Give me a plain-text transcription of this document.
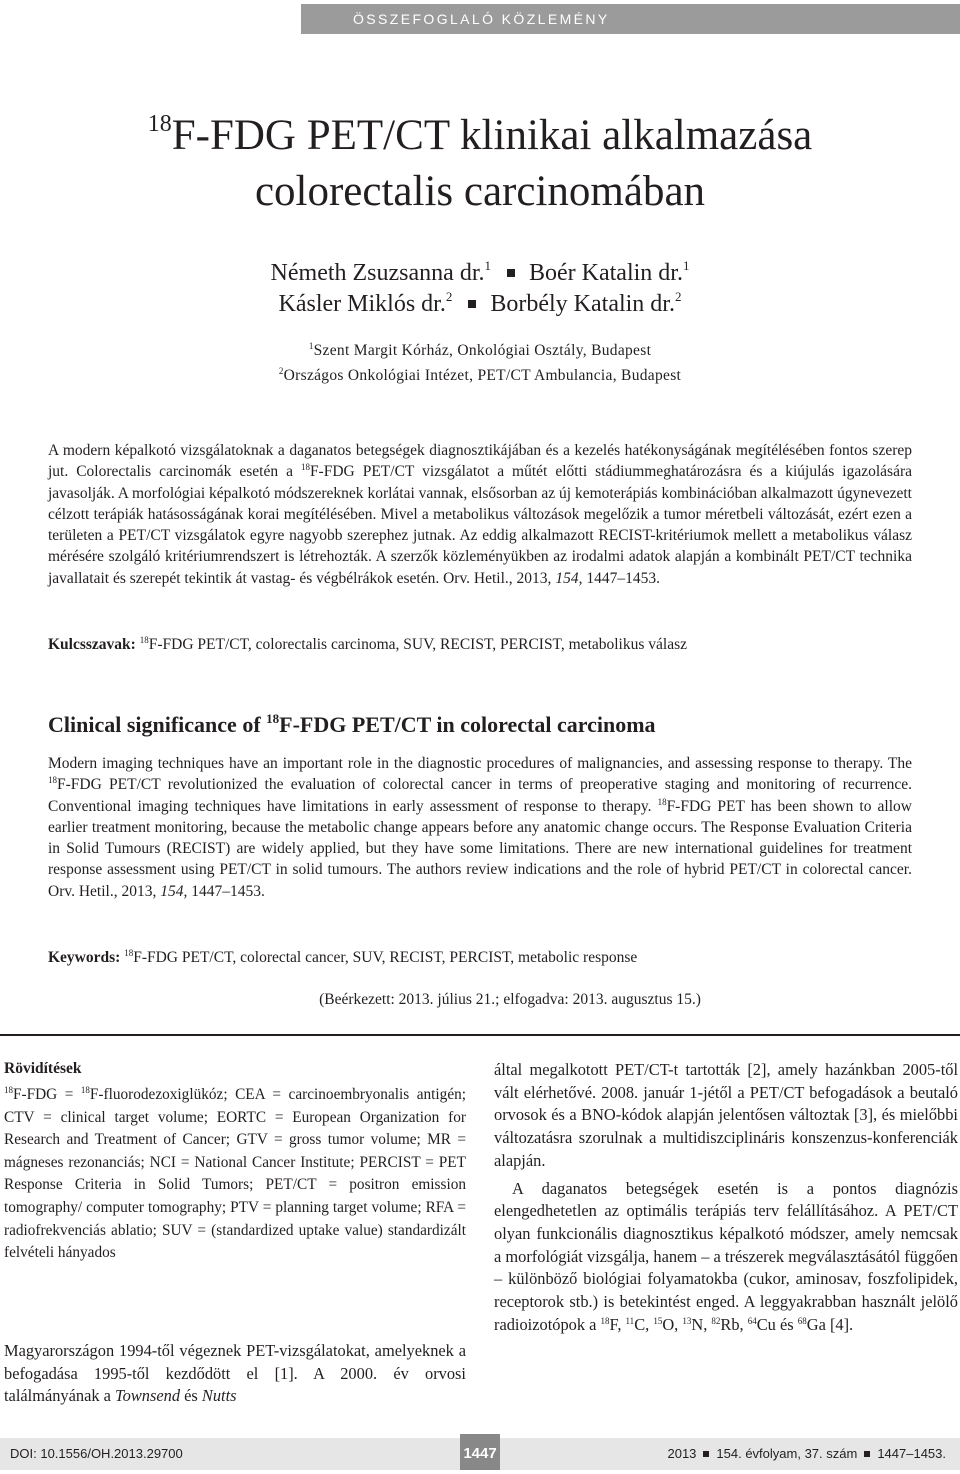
ÖSSZEFOGLALÓ KÖZLEMÉNY
$^{18}$F-FDG PET/CT klinikai alkalmazása
colorectalis carcinomában
Németh Zsuzsanna dr.$^1$ Boér Katalin dr.$^1$
Kásler Miklós dr.$^2$ Borbély Katalin dr.$^2$
$^1$Szent Margit Kórház, Onkológiai Osztály, Budapest
$^2$Országos Onkológiai Intézet, PET/CT Ambulancia, Budapest
A modern képalkotó vizsgálatoknak a daganatos betegségek diagnosztikájában és a kezelés hatékonyságának megítélésében fontos szerep jut. Colorectalis carcinomák esetén a $^{18}$F-FDG PET/CT vizsgálatot a műtét előtti stádiummeghatározásra és a kiújulás igazolására javasolják. A morfológiai képalkotó módszereknek korlátai vannak, elsősorban az új kemoterápiás kombinációban alkalmazott úgynevezett célzott terápiák hatásosságának korai megítélésében. Mivel a metabolikus változások megelőzik a tumor méretbeli változását, ezért ezen a területen a PET/CT vizsgálatok egyre nagyobb szerephez jutnak. Az eddig alkalmazott RECIST-kritériumok mellett a metabolikus válasz mérésére szolgáló kritériumrendszert is létrehozták. A szerzők közleményükben az irodalmi adatok alapján a kombinált PET/CT technika javallatait és szerepét tekintik át vastag- és végbélrákok esetén. Orv. Hetil., 2013, 154, 1447–1453.
Kulcsszavak: $^{18}$F-FDG PET/CT, colorectalis carcinoma, SUV, RECIST, PERCIST, metabolikus válasz
Clinical significance of $^{18}$F-FDG PET/CT in colorectal carcinoma
Modern imaging techniques have an important role in the diagnostic procedures of malignancies, and assessing response to therapy. The $^{18}$F-FDG PET/CT revolutionized the evaluation of colorectal cancer in terms of preoperative staging and monitoring of recurrence. Conventional imaging techniques have limitations in early assessment of response to therapy. $^{18}$F-FDG PET has been shown to allow earlier treatment monitoring, because the metabolic change appears before any anatomic change occurs. The Response Evaluation Criteria in Solid Tumours (RECIST) are widely applied, but they have some limitations. There are new international guidelines for treatment response assessment using PET/CT in solid tumours. The authors review indications and the role of hybrid PET/CT in colorectal cancer. Orv. Hetil., 2013, 154, 1447–1453.
Keywords: $^{18}$F-FDG PET/CT, colorectal cancer, SUV, RECIST, PERCIST, metabolic response
(Beérkezett: 2013. július 21.; elfogadva: 2013. augusztus 15.)
Rövidítések
$^{18}$F-FDG = $^{18}$F-fluorodezoxiglükóz; CEA = carcinoembryonalis antigén; CTV = clinical target volume; EORTC = European Organization for Research and Treatment of Cancer; GTV = gross tumor volume; MR = mágneses rezonanciás; NCI = National Cancer Institute; PERCIST = PET Response Criteria in Solid Tumors; PET/CT = positron emission tomography/ computer tomography; PTV = planning target volume; RFA = radiofrekvenciás ablatio; SUV = (standardized uptake value) standardizált felvételi hányados
Magyarországon 1994-től végeznek PET-vizsgálatokat, amelyeknek a befogadása 1995-től kezdődött el [1]. A 2000. év orvosi találmányának a Townsend és Nutts
által megalkotott PET/CT-t tartották [2], amely hazánkban 2005-től vált elérhetővé. 2008. január 1-jétől a PET/CT befogadások a beutaló orvosok és a BNO-kódok alapján jelentősen változtak [3], és mielőbbi változatásra szorulnak a multidiszciplináris konszenzus-konferenciák alapján.
A daganatos betegségek esetén is a pontos diagnózis elengedhetetlen az optimális terápiás terv felállításához. A PET/CT olyan funkcionális diagnosztikus képalkotó módszer, amely nemcsak a morfológiát vizsgálja, hanem – a trészerek megválasztásától függően – különböző biológiai folyamatokba (cukor, aminosav, foszfolipidek, receptorok stb.) is betekintést enged. A leggyakrabban használt jelölő radioizotópok a $^{18}$F, $^{11}$C, $^{15}$O, $^{13}$N, $^{82}$Rb, $^{64}$Cu és $^{68}$Ga [4].
DOI: 10.1556/OH.2013.29700	1447	2013 154. évfolyam, 37. szám 1447–1453.
